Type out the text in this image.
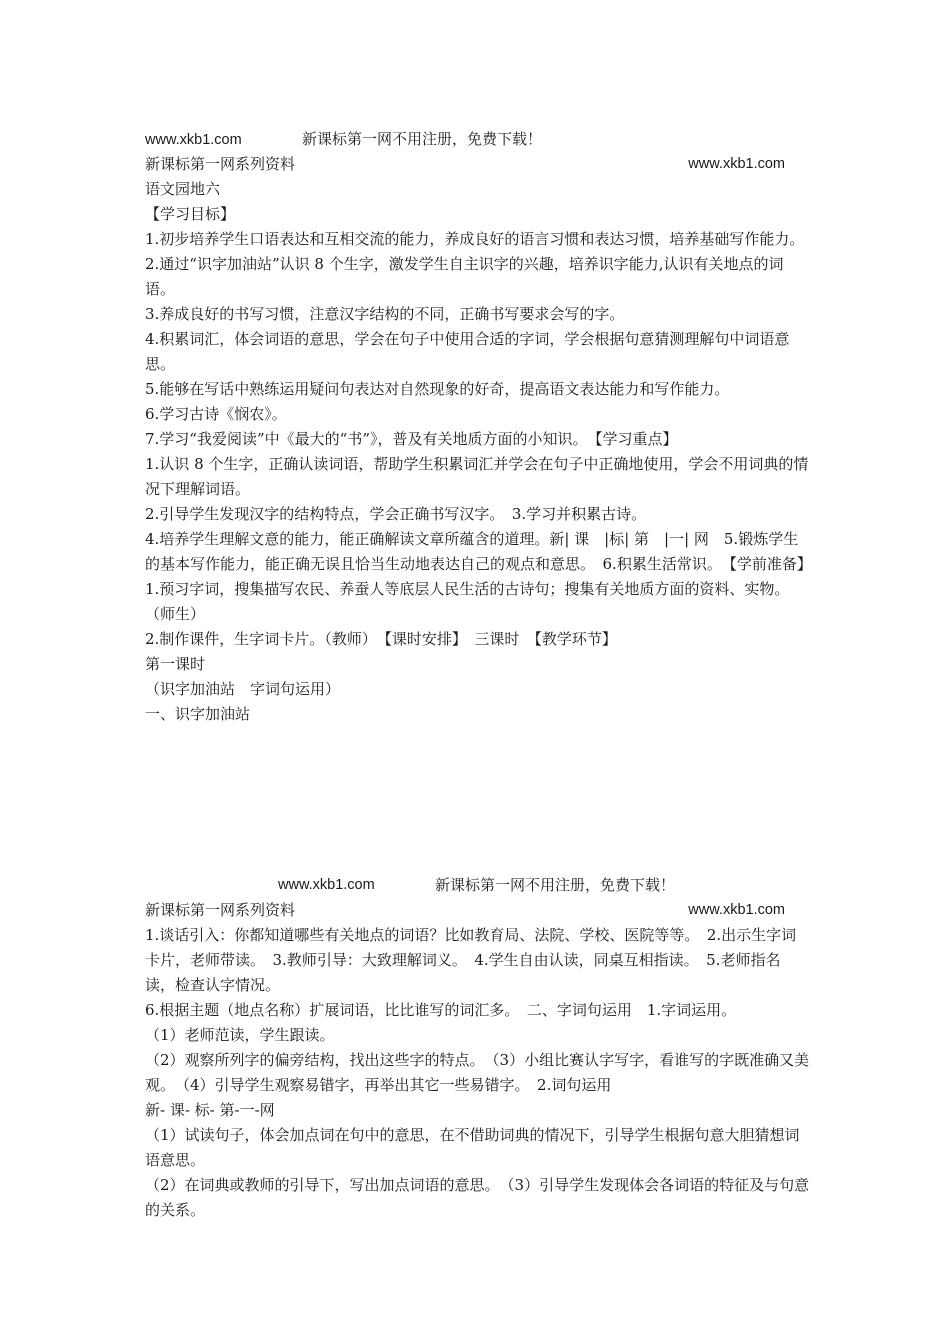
www.xkb1.com	新课标第一网不用注册，免费下载！
新课标第一网系列资料	www.xkb1.com
语文园地六
【学习目标】
1.初步培养学生口语表达和互相交流的能力，养成良好的语言习惯和表达习惯，培养基础写作能力。
2.通过“识字加油站”认识 8 个生字，激发学生自主识字的兴趣，培养识字能力,认识有关地点的词语。
3.养成良好的书写习惯，注意汉字结构的不同，正确书写要求会写的字。
4.积累词汇，体会词语的意思，学会在句子中使用合适的字词，学会根据句意猜测理解句中词语意思。
5.能够在写话中熟练运用疑问句表达对自然现象的好奇，提高语文表达能力和写作能力。
6.学习古诗《悯农》。
7.学习“我爱阅读”中《最大的“书”》，普及有关地质方面的小知识。　【学习重点】
1.认识 8 个生字，正确认读词语，帮助学生积累词汇并学会在句子中正确地使用，学会不用词典的情况下理解词语。
2.引导学生发现汉字的结构特点，学会正确书写汉字。　3.学习并积累古诗。
4.培养学生理解文意的能力，能正确解读文章所蕴含的道理。新| 课　|标| 第　|一| 网　5.锻炼学生的基本写作能力，能正确无误且恰当生动地表达自己的观点和意思。　6.积累生活常识。　【学前准备】
1.预习字词，搜集描写农民、养蚕人等底层人民生活的古诗句；搜集有关地质方面的资料、实物。（师生）
2.制作课件，生字词卡片。（教师）　【课时安排】　三课时　【教学环节】
第一课时
（识字加油站　字词句运用）
一、识字加油站
www.xkb1.com	新课标第一网不用注册，免费下载！
新课标第一网系列资料	www.xkb1.com
1.谈话引入：你都知道哪些有关地点的词语？比如教育局、法院、学校、医院等等。　2.出示生字词卡片，老师带读。　3.教师引导：大致理解词义。　4.学生自由认读，同桌互相指读。　5.老师指名读，检查认字情况。
6.根据主题（地点名称）扩展词语，比比谁写的词汇多。　二、字词句运用　1.字词运用。
（1）老师范读，学生跟读。
（2）观察所列字的偏旁结构，找出这些字的特点。　（3）小组比赛认字写字，看谁写的字既准确又美观。　（4）引导学生观察易错字，再举出其它一些易错字。　2.词句运用
新- 课- 标- 第-一-网
（1）试读句子，体会加点词在句中的意思，在不借助词典的情况下，引导学生根据句意大胆猜想词语意思。
（2）在词典或教师的引导下，写出加点词语的意思。　（3）引导学生发现体会各词语的特征及与句意的关系。
